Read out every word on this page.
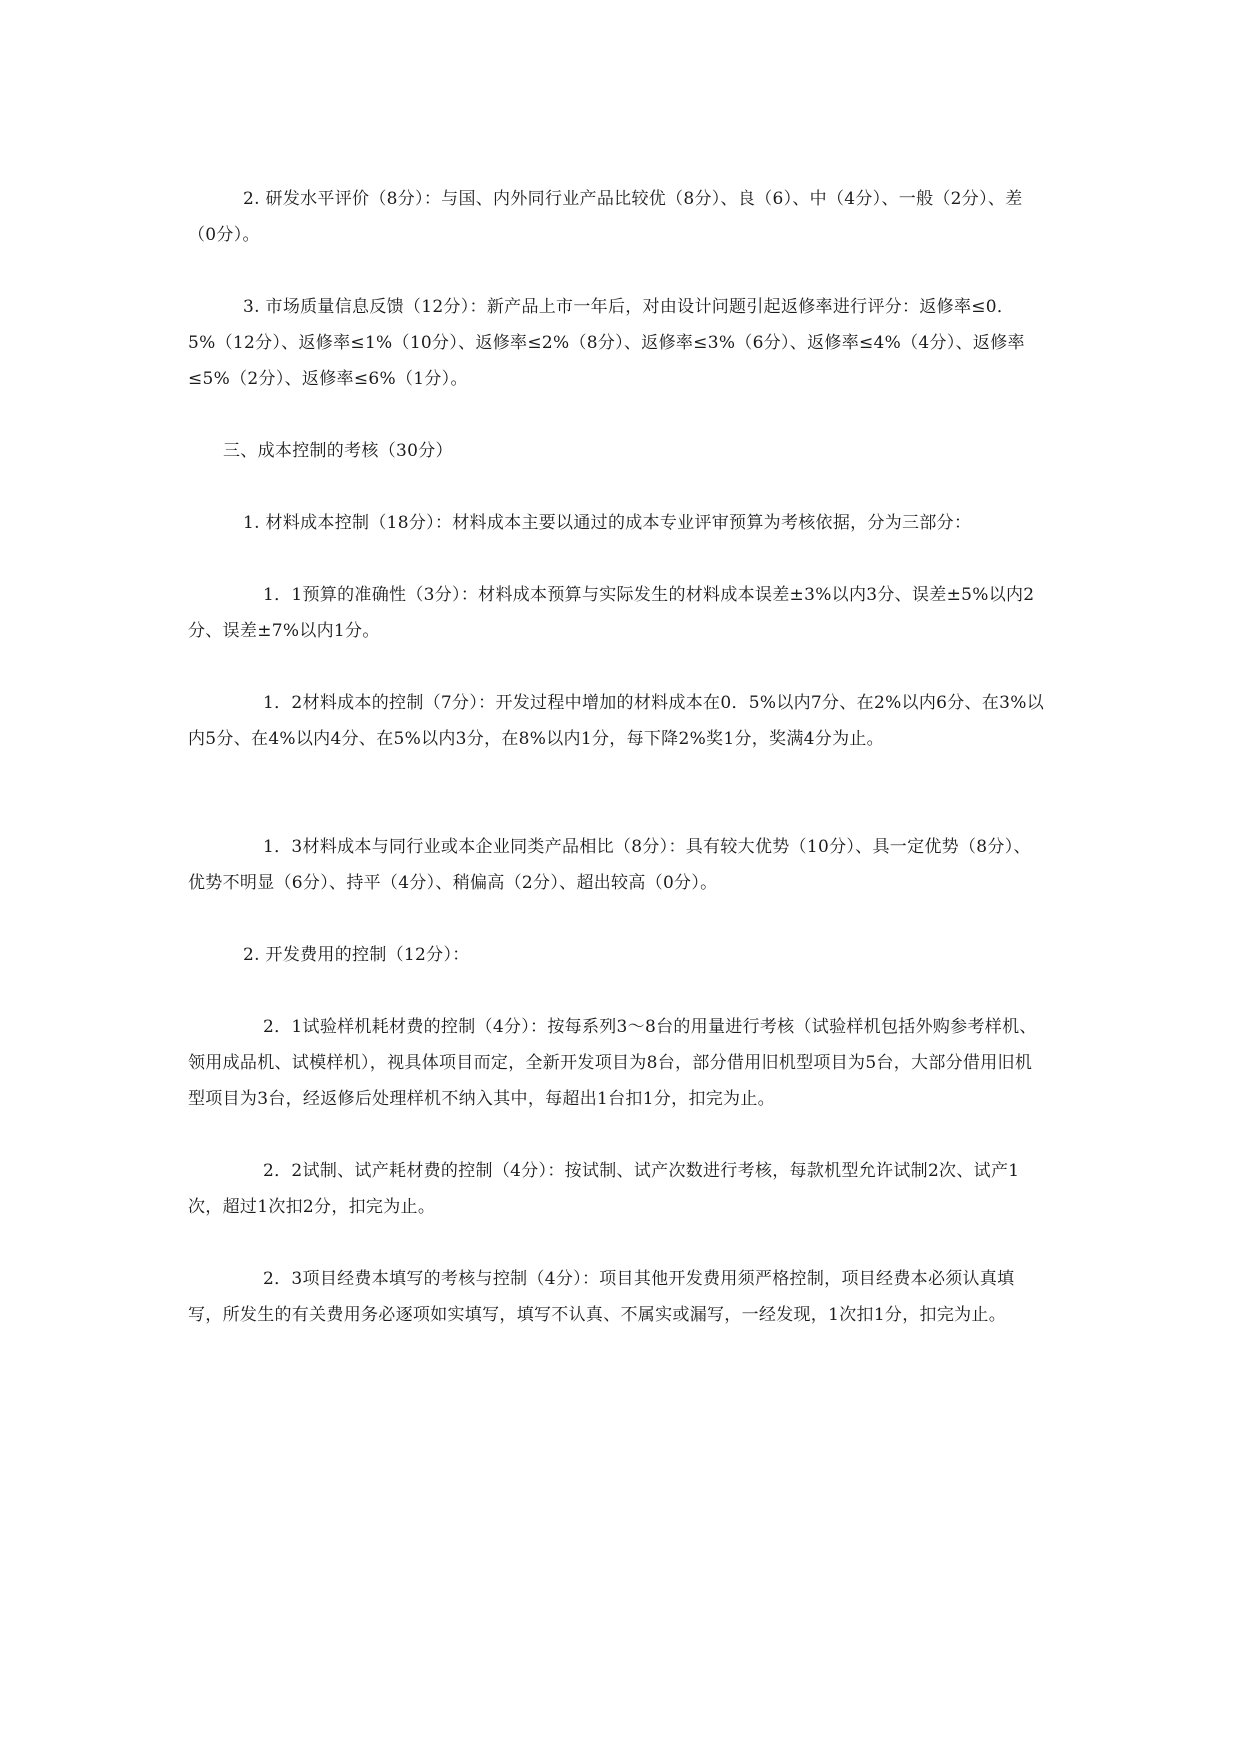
2. 研发水平评价（8分）：与国、内外同行业产品比较优（8分）、良（6）、中（4分）、一般（2分）、差（0分）。

3. 市场质量信息反馈（12分）：新产品上市一年后，对由设计问题引起返修率进行评分：返修率≤0．5%（12分）、返修率≤1%（10分）、返修率≤2%（8分）、返修率≤3%（6分）、返修率≤4%（4分）、返修率≤5%（2分）、返修率≤6%（1分）。

三、成本控制的考核（30分）

1. 材料成本控制（18分）：材料成本主要以通过的成本专业评审预算为考核依据，分为三部分：

1．1预算的准确性（3分）：材料成本预算与实际发生的材料成本误差±3%以内3分、误差±5%以内2分、误差±7%以内1分。

1．2材料成本的控制（7分）：开发过程中增加的材料成本在0．5%以内7分、在2%以内6分、在3%以内5分、在4%以内4分、在5%以内3分，在8%以内1分，每下降2%奖1分，奖满4分为止。

1．3材料成本与同行业或本企业同类产品相比（8分）：具有较大优势（10分）、具一定优势（8分）、优势不明显（6分）、持平（4分）、稍偏高（2分）、超出较高（0分）。

2. 开发费用的控制（12分）：

2．1试验样机耗材费的控制（4分）：按每系列3～8台的用量进行考核（试验样机包括外购参考样机、领用成品机、试模样机），视具体项目而定，全新开发项目为8台，部分借用旧机型项目为5台，大部分借用旧机型项目为3台，经返修后处理样机不纳入其中，每超出1台扣1分，扣完为止。

2．2试制、试产耗材费的控制（4分）：按试制、试产次数进行考核，每款机型允许试制2次、试产1次，超过1次扣2分，扣完为止。

2．3项目经费本填写的考核与控制（4分）：项目其他开发费用须严格控制，项目经费本必须认真填写，所发生的有关费用务必逐项如实填写，填写不认真、不属实或漏写，一经发现，1次扣1分，扣完为止。
